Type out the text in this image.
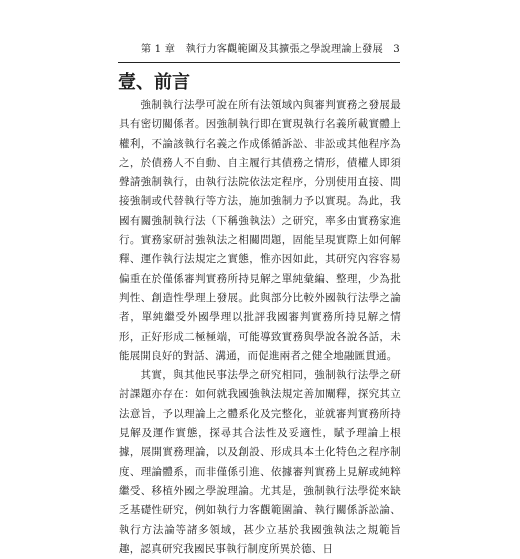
第 1 章　執行力客觀範圍及其擴張之學說理論上發展　3
壹、前言

強制執行法學可說在所有法領域內與審判實務之發展最具有密切關係者。因強制執行即在實現執行名義所載實體上權利，不論該執行名義之作成係循訴訟、非訟或其他程序為之，於債務人不自動、自主履行其債務之情形，債權人即須聲請強制執行，由執行法院依法定程序，分別使用直接、間接強制或代替執行等方法，施加強制力予以實現。為此，我國有關強制執行法（下稱強執法）之研究，率多由實務家進行。實務家研討強執法之相關問題，固能呈現實際上如何解釋、運作執行法規定之實態，惟亦因如此，其研究內容容易偏重在於僅係審判實務所持見解之單純彙編、整理，少為批判性、創造性學理上發展。此與部分比較外國執行法學之論者，單純繼受外國學理以批評我國審判實務所持見解之情形，正好形成二極極端，可能導致實務與學說各說各話，未能展開良好的對話、溝通，而促進兩者之健全地融匯貫通。

其實，與其他民事法學之研究相同，強制執行法學之研討課題亦存在：如何就我國強執法規定善加闡釋，探究其立法意旨，予以理論上之體系化及完整化，並就審判實務所持見解及運作實態，探尋其合法性及妥適性，賦予理論上根據，展開實務理論，以及創設、形成具本土化特色之程序制度、理論體系，而非僅係引進、依據審判實務上見解或純粹繼受、移植外國之學說理論。尤其是，強制執行法學從來缺乏基礎性研究，例如執行力客觀範圍論、執行關係訴訟論、執行方法論等諸多領域，甚少立基於我國強執法之規範旨趣，認真研究我國民事執行制度所異於德、日
